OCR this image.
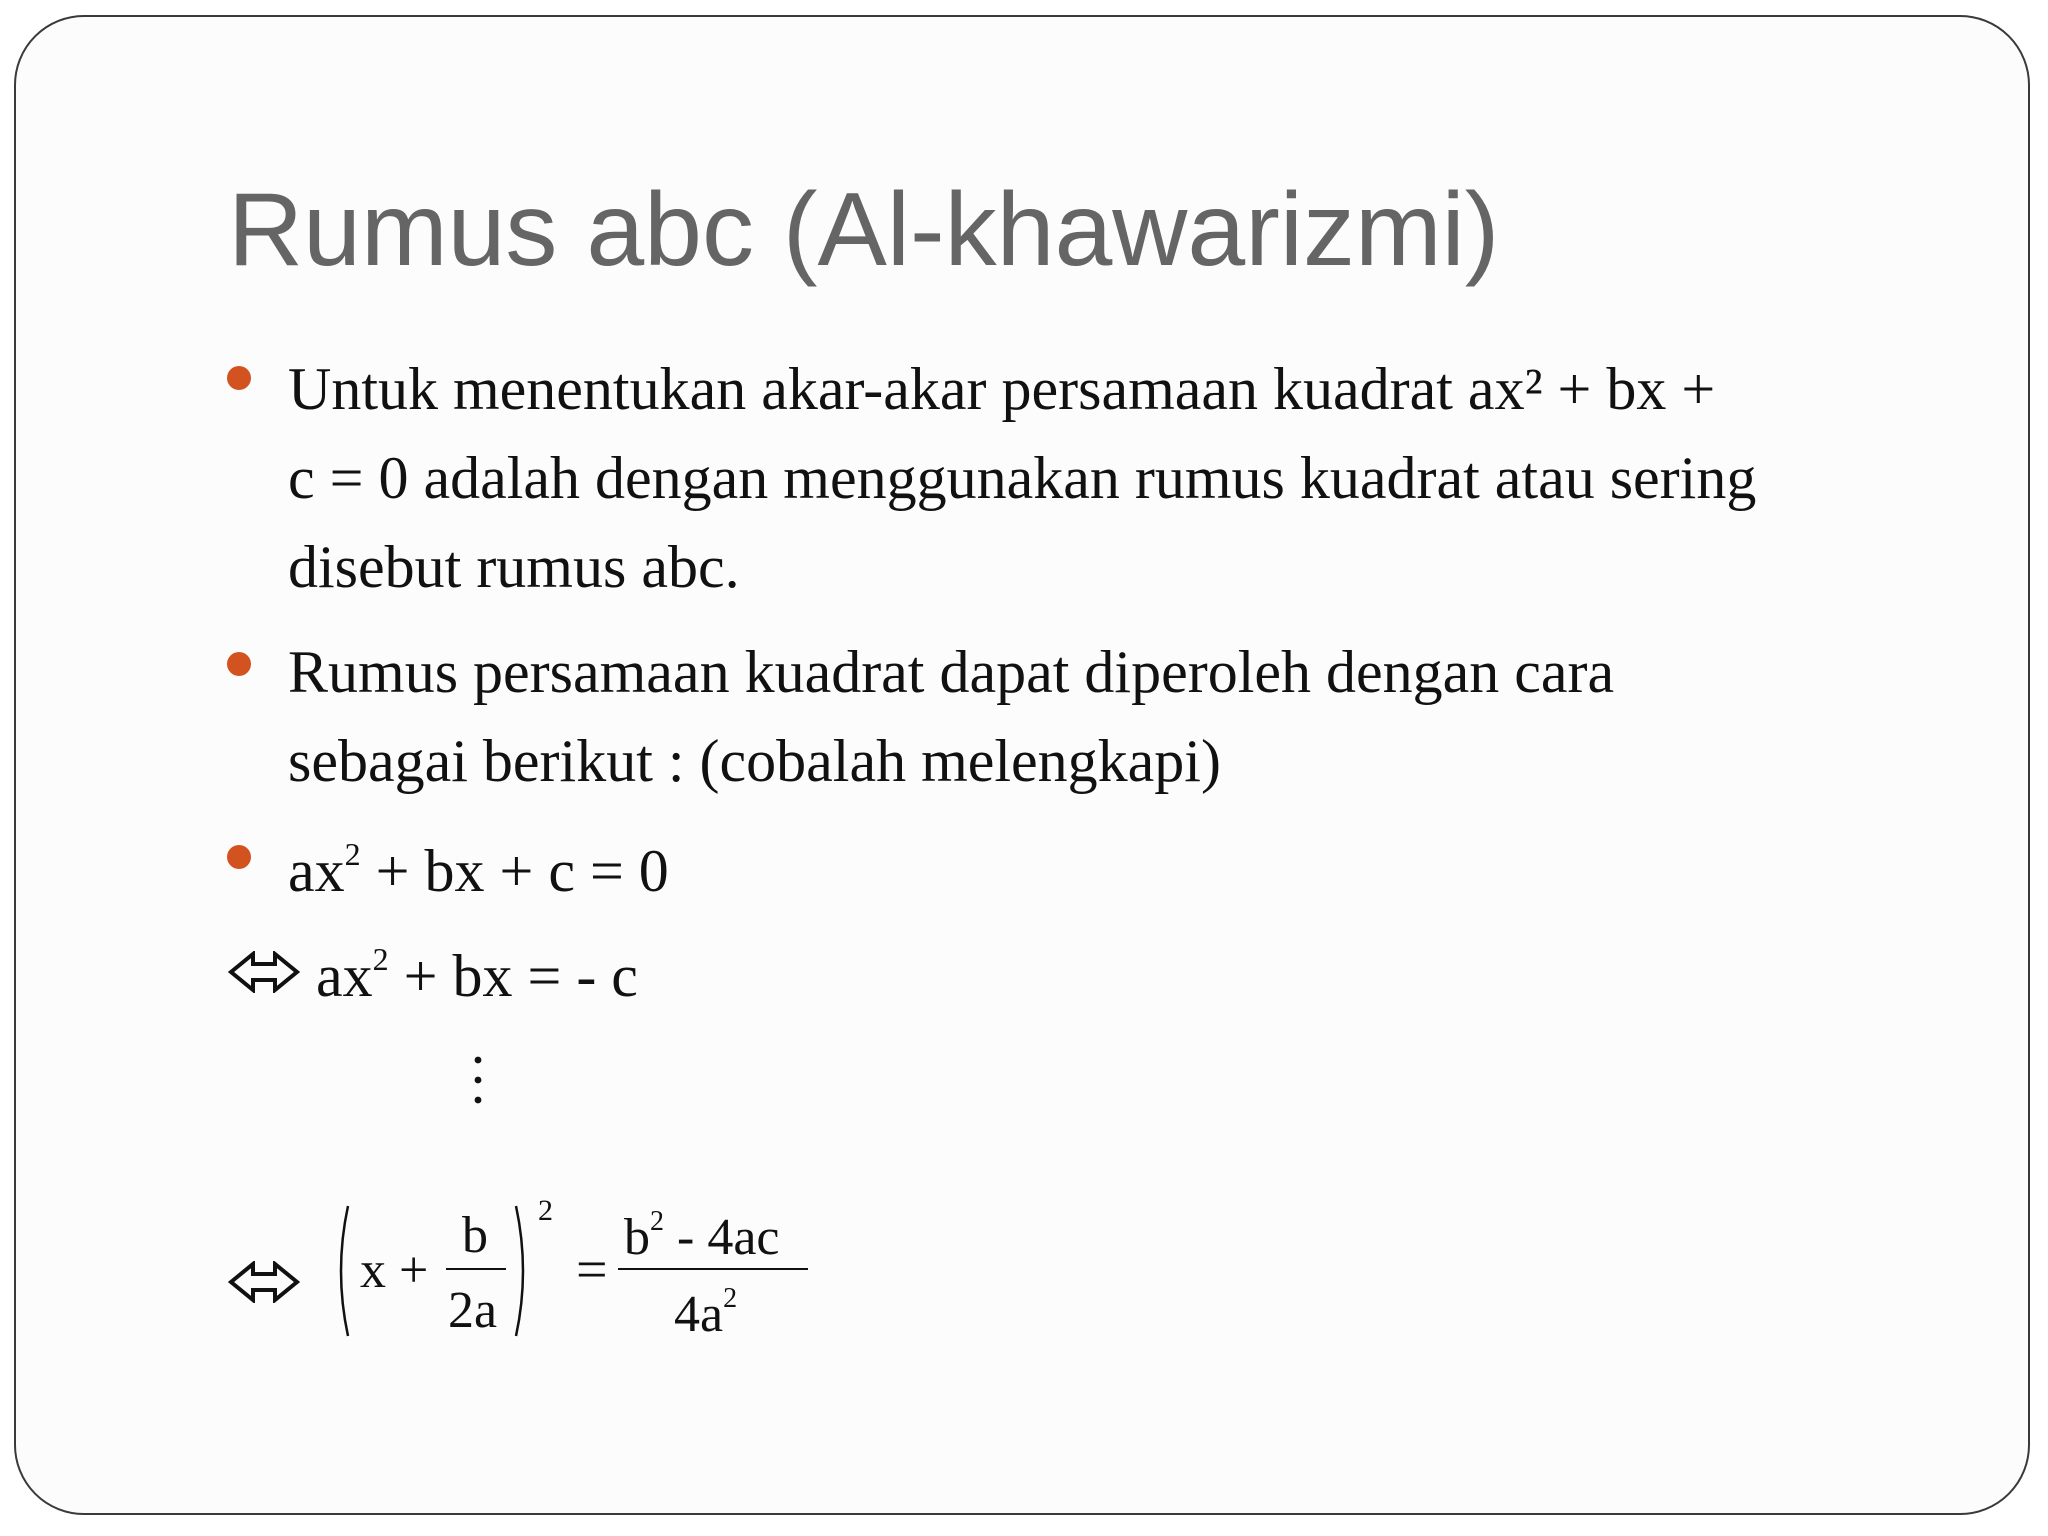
Rumus abc (Al-khawarizmi)
Untuk menentukan akar-akar persamaan kuadrat ax² + bx +
c = 0 adalah dengan menggunakan rumus kuadrat atau sering
disebut rumus abc.
Rumus persamaan kuadrat dapat diperoleh dengan cara
sebagai berikut : (cobalah melengkapi)
$ax^2$ + bx + c = 0
$ax^2$ + bx = - c
x +
b
2a
2
=
$b^2 - 4ac$
$4a^2$
